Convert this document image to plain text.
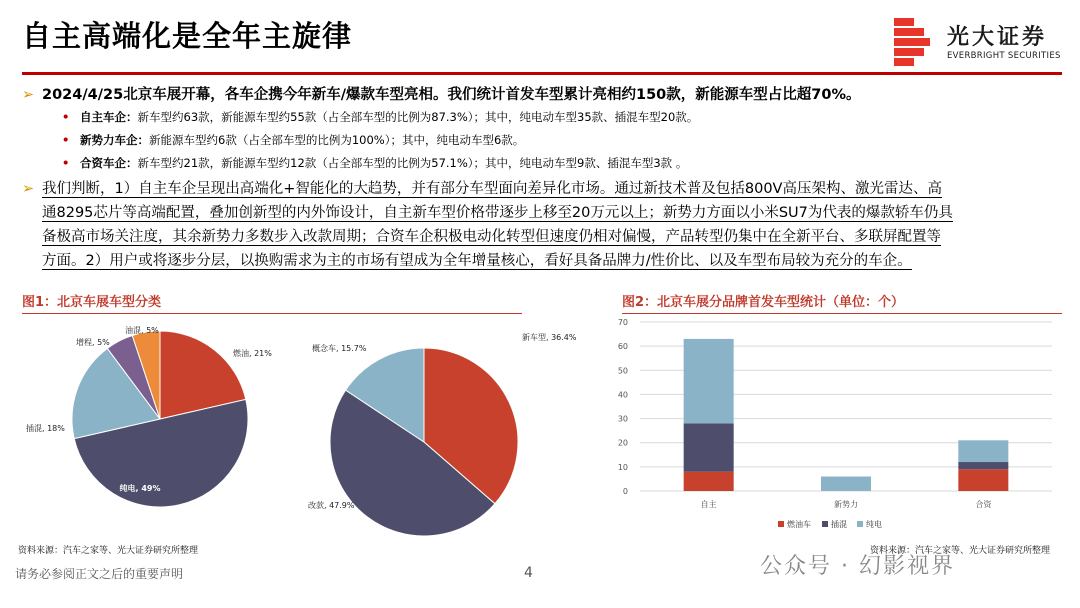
自主高端化是全年主旋律	光大证券
EVERBRIGHT SECURITIES
➢ 2024/4/25北京车展开幕，各车企携今年新车/爆款车型亮相。我们统计首发车型累计亮相约150款，新能源车型占比超70%。
• 自主车企：新车型约63款，新能源车型约55款（占全部车型的比例为87.3%）；其中，纯电动车型35款、插混车型20款。
• 新势力车企：新能源车型约6款（占全部车型的比例为100%）；其中，纯电动车型6款。
• 合资车企：新车型约21款，新能源车型约12款（占全部车型的比例为57.1%）；其中，纯电动车型9款、插混车型3款 。
➢ 我们判断，1）自主车企呈现出高端化+智能化的大趋势，并有部分车型面向差异化市场。通过新技术普及包括800V高压架构、激光雷达、高
通8295芯片等高端配置，叠加创新型的内外饰设计，自主新车型价格带逐步上移至20万元以上；新势力方面以小米SU7为代表的爆款轿车仍具
备极高市场关注度，其余新势力多数步入改款周期；合资车企积极电动化转型但速度仍相对偏慢，产品转型仍集中在全新平台、多联屏配置等
方面。2）用户或将逐步分层，以换购需求为主的市场有望成为全年增量核心，看好具备品牌力/性价比、以及车型布局较为充分的车企。
图1：北京车展车型分类	图2：北京车展分品牌首发车型统计（单位：个）
燃油, 21%
纯电, 49%
插混, 18%
增程, 5%
油混, 5%
新车型, 36.4%
改款, 47.9%
概念车, 15.7%
0
10
20
30
40
50
60
70
自主	新势力	合资
燃油车	插混 纯电
资料来源：汽车之家等、光大证券研究所整理	资料来源：汽车之家等、光大证券研究所整理
请务必参阅正文之后的重要声明	4	公众号 · 幻影视界
